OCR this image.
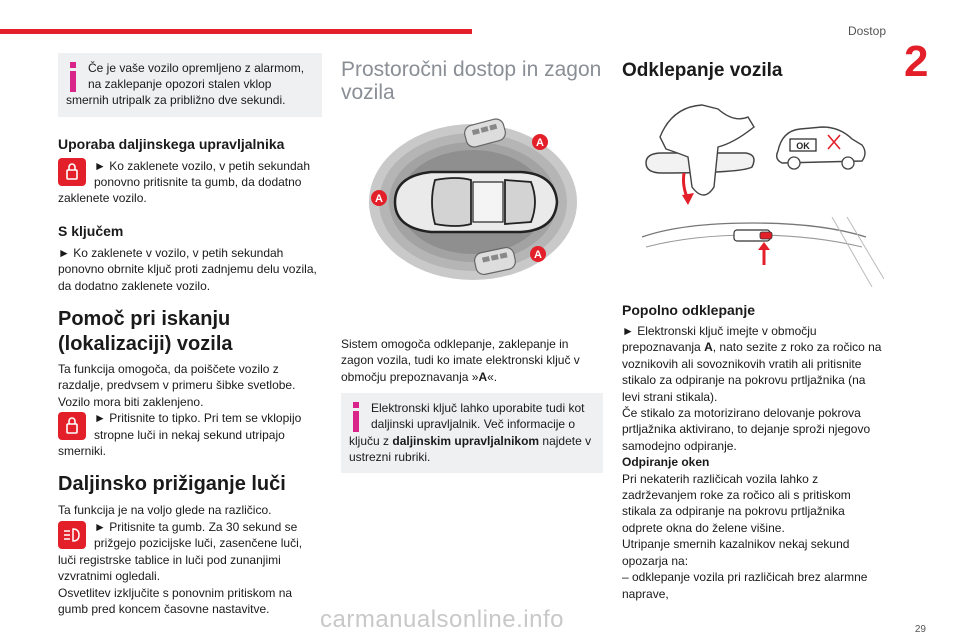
Dostop
2
Če je vaše vozilo opremljeno z alarmom, na zaklepanje opozori stalen vklop smernih utripalk za približno dve sekundi.
Uporaba daljinskega upravljalnika
► Ko zaklenete vozilo, v petih sekundah ponovno pritisnite ta gumb, da dodatno zaklenete vozilo.
S ključem
► Ko zaklenete v vozilo, v petih sekundah ponovno obrnite ključ proti zadnjemu delu vozila, da dodatno zaklenete vozilo.
Pomoč pri iskanju (lokalizaciji) vozila
Ta funkcija omogoča, da poiščete vozilo z razdalje, predvsem v primeru šibke svetlobe. Vozilo mora biti zaklenjeno.
► Pritisnite to tipko. Pri tem se vklopijo stropne luči in nekaj sekund utripajo smerniki.
Daljinsko prižiganje luči
Ta funkcija je na voljo glede na različico.
► Pritisnite ta gumb. Za 30 sekund se prižgejo pozicijske luči, zasenčene luči, luči registrske tablice in luči pod zunanjimi vzvratnimi ogledali.
Osvetlitev izključite s ponovnim pritiskom na gumb pred koncem časovne nastavitve.
Prostoročni dostop in zagon vozila
A
A
A
Sistem omogoča odklepanje, zaklepanje in zagon vozila, tudi ko imate elektronski ključ v območju prepoznavanja »A«.
Elektronski ključ lahko uporabite tudi kot daljinski upravljalnik. Več informacije o ključu z daljinskim upravljalnikom najdete v ustrezni rubriki.
Odklepanje vozila
OK
Popolno odklepanje
► Elektronski ključ imejte v območju prepoznavanja A, nato sezite z roko za ročico na voznikovih ali sovoznikovih vratih ali pritisnite stikalo za odpiranje na pokrovu prtljažnika (na levi strani stikala).
Če stikalo za motorizirano delovanje pokrova prtljažnika aktivirano, to dejanje sproži njegovo samodejno odpiranje.
Odpiranje oken
Pri nekaterih različicah vozila lahko z zadrževanjem roke za ročico ali s pritiskom stikala za odpiranje na pokrovu prtljažnika odprete okna do želene višine.
Utripanje smernih kazalnikov nekaj sekund opozarja na:
– odklepanje vozila pri različicah brez alarmne naprave,
carmanualsonline.info	29
